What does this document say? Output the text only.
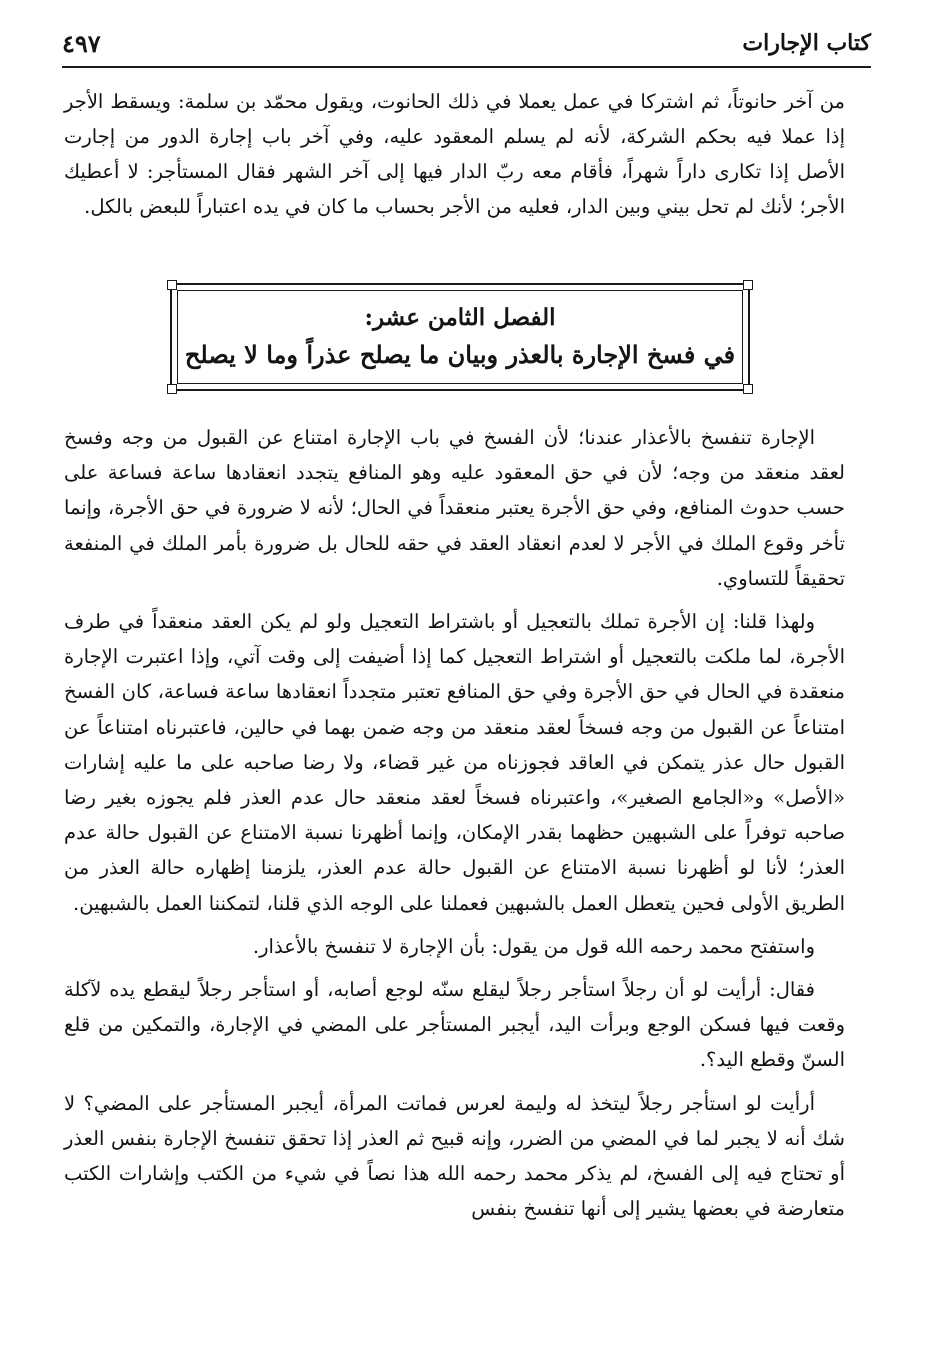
كتاب الإجارات
٤٩٧

من آخر حانوتاً، ثم اشتركا في عمل يعملا في ذلك الحانوت، ويقول محمّد بن سلمة: ويسقط الأجر إذا عملا فيه بحكم الشركة، لأنه لم يسلم المعقود عليه، وفي آخر باب إجارة الدور من إجارت الأصل إذا تكارى داراً شهراً، فأقام معه ربّ الدار فيها إلى آخر الشهر فقال المستأجر: لا أعطيك الأجر؛ لأنك لم تحل بيني وبين الدار، فعليه من الأجر بحساب ما كان في يده اعتباراً للبعض بالكل.

الفصل الثامن عشر:
في فسخ الإجارة بالعذر وبيان ما يصلح عذراً وما لا يصلح

الإجارة تنفسخ بالأعذار عندنا؛ لأن الفسخ في باب الإجارة امتناع عن القبول من وجه وفسخ لعقد منعقد من وجه؛ لأن في حق المعقود عليه وهو المنافع يتجدد انعقادها ساعة فساعة على حسب حدوث المنافع، وفي حق الأجرة يعتبر منعقداً في الحال؛ لأنه لا ضرورة في حق الأجرة، وإنما تأخر وقوع الملك في الأجر لا لعدم انعقاد العقد في حقه للحال بل ضرورة بأمر الملك في المنفعة تحقيقاً للتساوي.

ولهذا قلنا: إن الأجرة تملك بالتعجيل أو باشتراط التعجيل ولو لم يكن العقد منعقداً في طرف الأجرة، لما ملكت بالتعجيل أو اشتراط التعجيل كما إذا أضيفت إلى وقت آتي، وإذا اعتبرت الإجارة منعقدة في الحال في حق الأجرة وفي حق المنافع تعتبر متجدداً انعقادها ساعة فساعة، كان الفسخ امتناعاً عن القبول من وجه فسخاً لعقد منعقد من وجه ضمن بهما في حالين، فاعتبرناه امتناعاً عن القبول حال عذر يتمكن في العاقد فجوزناه من غير قضاء، ولا رضا صاحبه على ما عليه إشارات «الأصل» و«الجامع الصغير»، واعتبرناه فسخاً لعقد منعقد حال عدم العذر فلم يجوزه بغير رضا صاحبه توفراً على الشبهين حظهما بقدر الإمكان، وإنما أظهرنا نسبة الامتناع عن القبول حالة عدم العذر؛ لأنا لو أظهرنا نسبة الامتناع عن القبول حالة عدم العذر، يلزمنا إظهاره حالة العذر من الطريق الأولى فحين يتعطل العمل بالشبهين فعملنا على الوجه الذي قلنا، لتمكننا العمل بالشبهين.

واستفتح محمد رحمه الله قول من يقول: بأن الإجارة لا تنفسخ بالأعذار.

فقال: أرأيت لو أن رجلاً استأجر رجلاً ليقلع سنّه لوجع أصابه، أو استأجر رجلاً ليقطع يده لآكلة وقعت فيها فسكن الوجع وبرأت اليد، أيجبر المستأجر على المضي في الإجارة، والتمكين من قلع السنّ وقطع اليد؟.

أرأيت لو استأجر رجلاً ليتخذ له وليمة لعرس فماتت المرأة، أيجبر المستأجر على المضي؟ لا شك أنه لا يجبر لما في المضي من الضرر، وإنه قبيح ثم العذر إذا تحقق تنفسخ الإجارة بنفس العذر أو تحتاج فيه إلى الفسخ، لم يذكر محمد رحمه الله هذا نصاً في شيء من الكتب وإشارات الكتب متعارضة في بعضها يشير إلى أنها تنفسخ بنفس
